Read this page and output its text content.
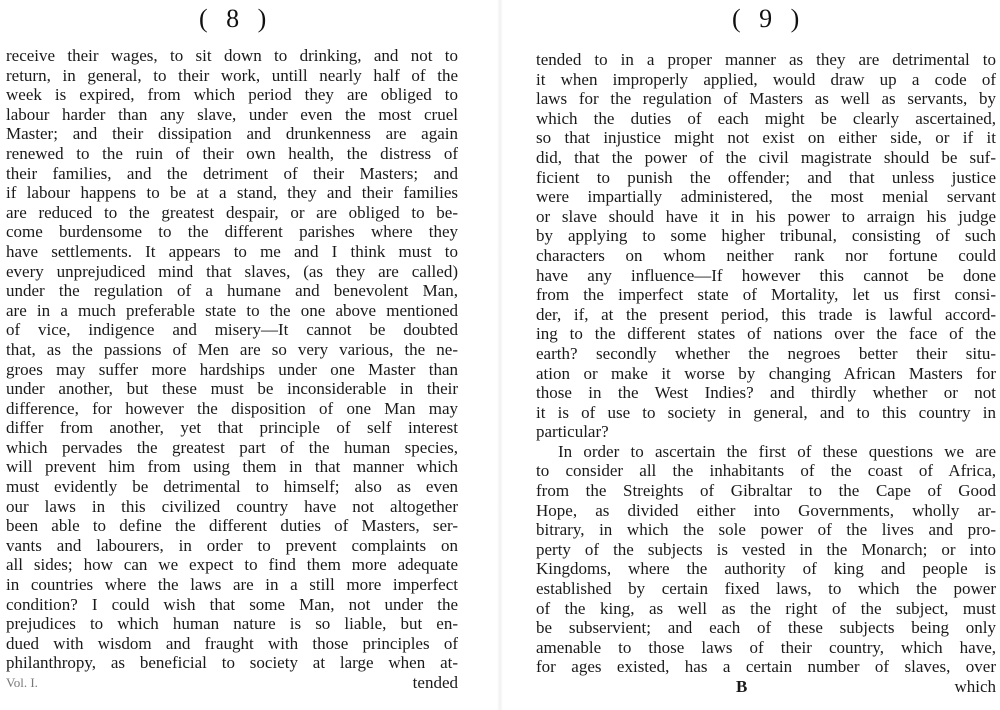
( 8 )
receive their wages, to sit down to drinking, and not to
return, in general, to their work, untill nearly half of the
week is expired, from which period they are obliged to
labour harder than any slave, under even the most cruel
Master; and their dissipation and drunkenness are again
renewed to the ruin of their own health, the distress of
their families, and the detriment of their Masters; and
if labour happens to be at a stand, they and their families
are reduced to the greatest despair, or are obliged to be-
come burdensome to the different parishes where they
have settlements. It appears to me and I think must to
every unprejudiced mind that slaves, (as they are called)
under the regulation of a humane and benevolent Man,
are in a much preferable state to the one above mentioned
of vice, indigence and misery—It cannot be doubted
that, as the passions of Men are so very various, the ne-
groes may suffer more hardships under one Master than
under another, but these must be inconsiderable in their
difference, for however the disposition of one Man may
differ from another, yet that principle of self interest
which pervades the greatest part of the human species,
will prevent him from using them in that manner which
must evidently be detrimental to himself; also as even
our laws in this civilized country have not altogether
been able to define the different duties of Masters, ser-
vants and labourers, in order to prevent complaints on
all sides; how can we expect to find them more adequate
in countries where the laws are in a still more imperfect
condition? I could wish that some Man, not under the
prejudices to which human nature is so liable, but en-
dued with wisdom and fraught with those principles of
philanthropy, as beneficial to society at large when at-
Vol. I.	tended
( 9 )
tended to in a proper manner as they are detrimental to
it when improperly applied, would draw up a code of
laws for the regulation of Masters as well as servants, by
which the duties of each might be clearly ascertained,
so that injustice might not exist on either side, or if it
did, that the power of the civil magistrate should be suf-
ficient to punish the offender; and that unless justice
were impartially administered, the most menial servant
or slave should have it in his power to arraign his judge
by applying to some higher tribunal, consisting of such
characters on whom neither rank nor fortune could
have any influence—If however this cannot be done
from the imperfect state of Mortality, let us first consi-
der, if, at the present period, this trade is lawful accord-
ing to the different states of nations over the face of the
earth? secondly whether the negroes better their situ-
ation or make it worse by changing African Masters for
those in the West Indies? and thirdly whether or not
it is of use to society in general, and to this country in
particular?
In order to ascertain the first of these questions we are
to consider all the inhabitants of the coast of Africa,
from the Streights of Gibraltar to the Cape of Good
Hope, as divided either into Governments, wholly ar-
bitrary, in which the sole power of the lives and pro-
perty of the subjects is vested in the Monarch; or into
Kingdoms, where the authority of king and people is
established by certain fixed laws, to which the power
of the king, as well as the right of the subject, must
be subservient; and each of these subjects being only
amenable to those laws of their country, which have,
for ages existed, has a certain number of slaves, over
B	which
